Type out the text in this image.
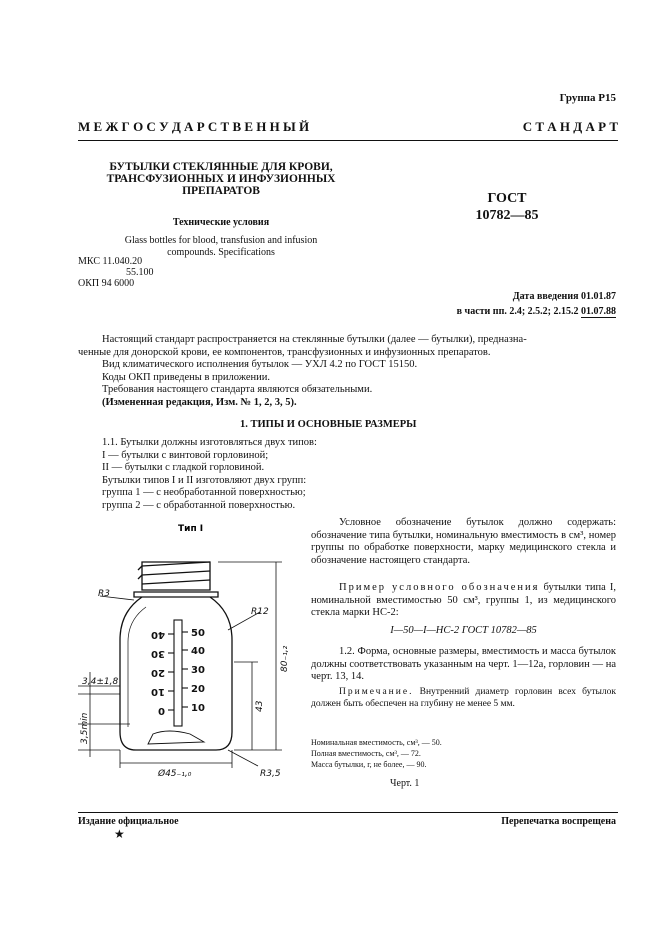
Группа Р15
М Е Ж Г О С У Д А Р С Т В Е Н Н Ы Й	С Т А Н Д А Р Т
БУТЫЛКИ СТЕКЛЯННЫЕ ДЛЯ КРОВИ,
ТРАНСФУЗИОННЫХ И ИНФУЗИОННЫХ
ПРЕПАРАТОВ
Технические условия
Glass bottles for blood, transfusion and infusion
compounds. Specifications
ГОСТ
10782—85
МКС 11.040.20
55.100
ОКП 94 6000
Дата введения 01.01.87
в части пп. 2.4; 2.5.2; 2.15.2 01.07.88
Настоящий стандарт распространяется на стеклянные бутылки (далее — бутылки), предназна-
ченные для донорской крови, ее компонентов, трансфузионных и инфузионных препаратов.
Вид климатического исполнения бутылок — УХЛ 4.2 по ГОСТ 15150.
Коды ОКП приведены в приложении.
Требования настоящего стандарта являются обязательными.
(Измененная редакция, Изм. № 1, 2, 3, 5).
1. ТИПЫ И ОСНОВНЫЕ РАЗМЕРЫ
1.1. Бутылки должны изготовляться двух типов:
I — бутылки с винтовой горловиной;
II — бутылки с гладкой горловиной.
Бутылки типов I и II изготовляют двух групп:
группа 1 — с необработанной поверхностью;
группа 2 — с обработанной поверхностью.
Тип I
50
40
30
20
10
40
30
20
10
0
R3
R12
80₋₁,₂
43
3,4±1,8
3,5min
Ø45₋₁,₀	R3,5
Условное обозначение бутылок должно содержать: обозначение типа бутылки, номинальную вместимость в см³, номер группы по обработке поверхности, марку медицинского стекла и обозначение настоящего стандарта.
Пример условного обозначения бутылки типа I, номинальной вместимостью 50 см³, группы 1, из медицинского стекла марки НС-2:
I—50—I—НС-2 ГОСТ 10782—85
1.2. Форма, основные размеры, вместимость и масса бутылок должны соответствовать указанным на черт. 1—12а, горловин — на черт. 13, 14.
Примечание. Внутренний диаметр горловин всех бутылок должен быть обеспечен на глубину не менее 5 мм.
Номинальная вместимость, см³, — 50.
Полная вместимость, см³, — 72.
Масса бутылки, г, не более, — 90.
Черт. 1
Издание официальное	Перепечатка воспрещена
★
